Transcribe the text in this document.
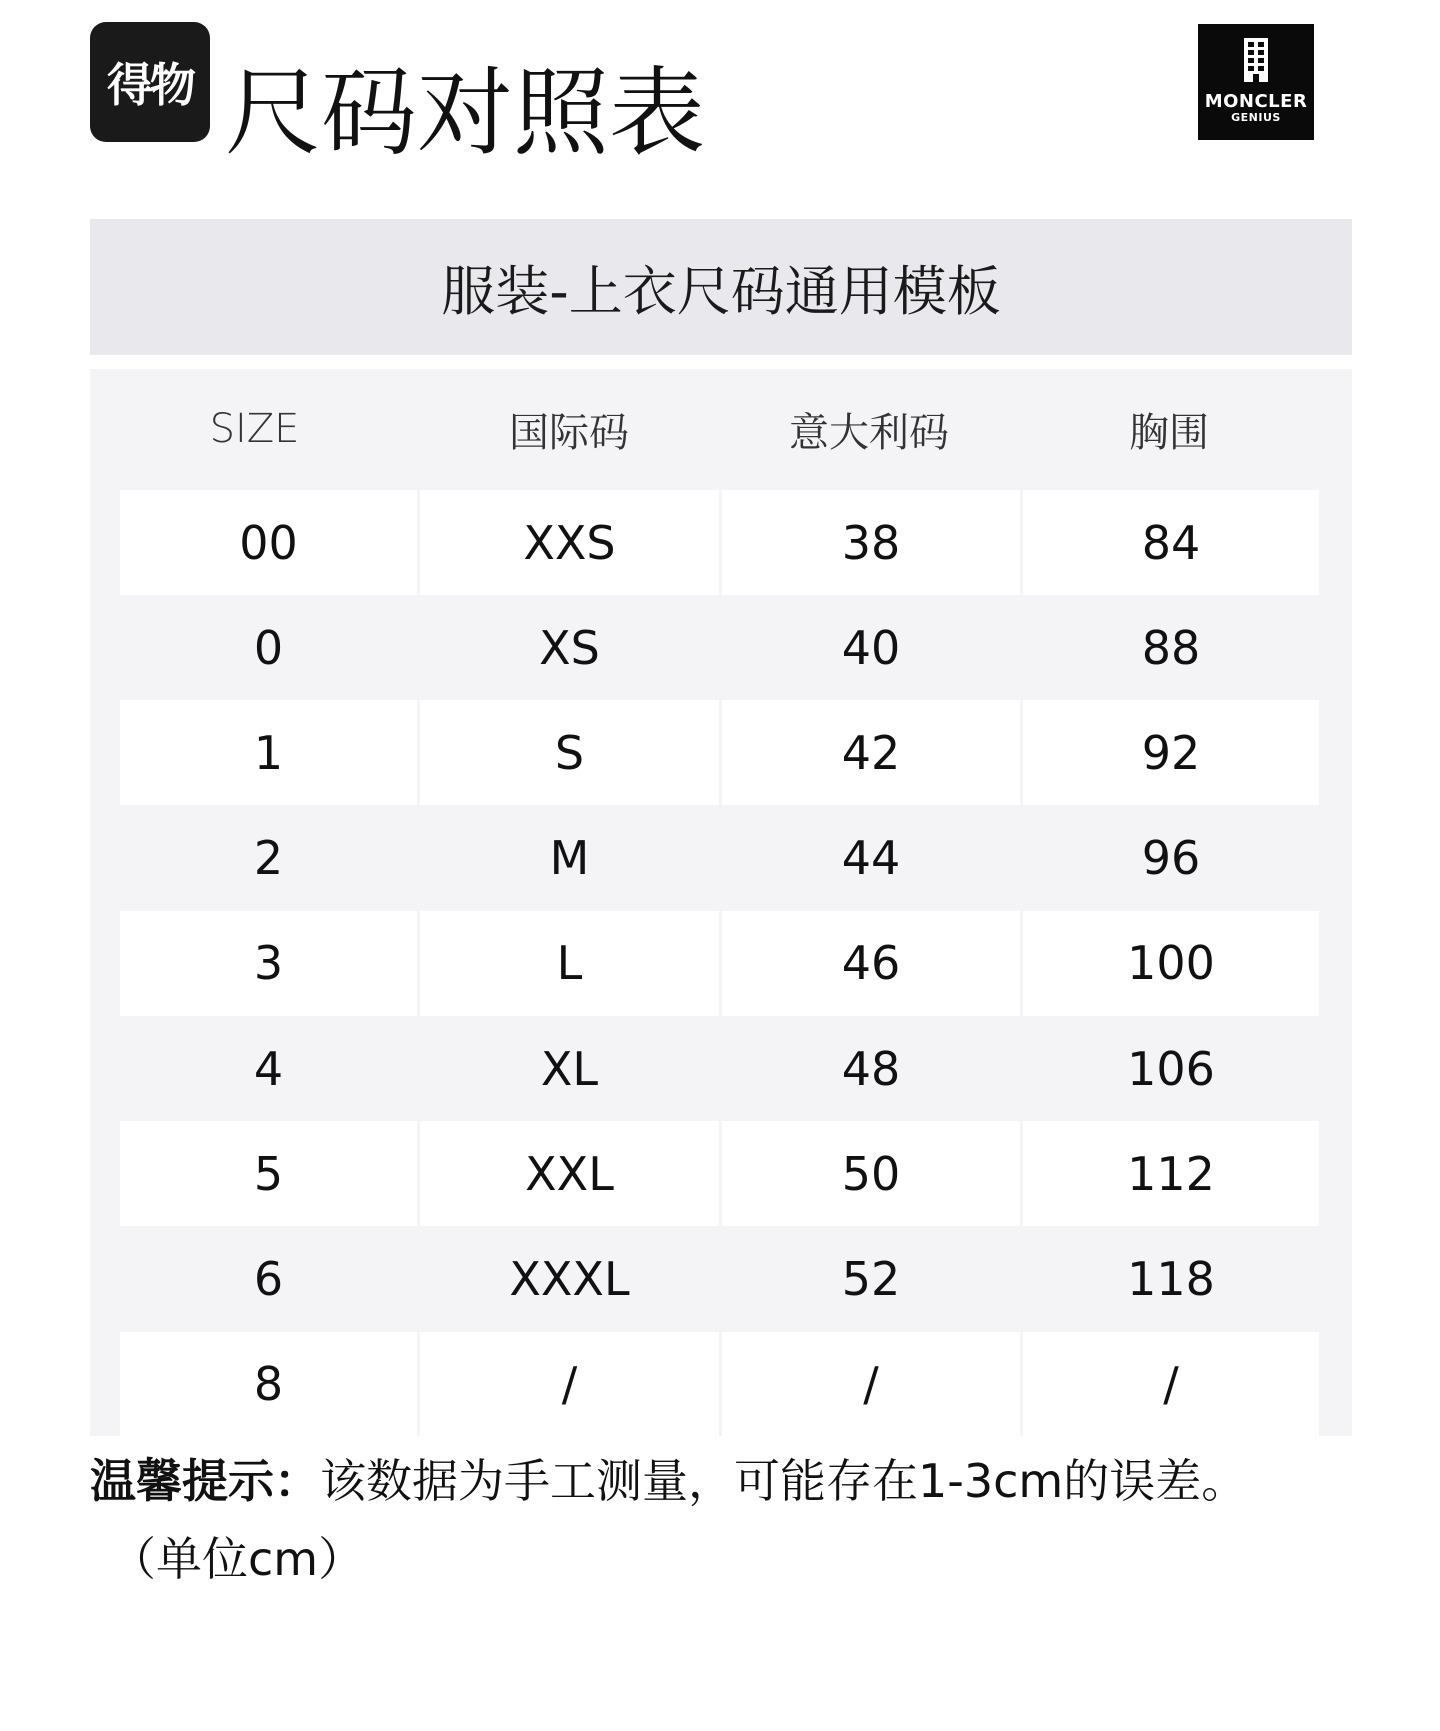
得物 尺码对照表	MONCLER
GENIUS
服装-上衣尺码通用模板
SIZE	国际码	意大利码	胸围
00	XXS	38	84
0	XS	40	88
1	S	42	92
2	M	44	96
3	L	46	100
4	XL	48	106
5	XXL	50	112
6	XXXL	52	118
8	/	/	/
温馨提示：该数据为手工测量，可能存在1-3cm的误差。
（单位cm）
